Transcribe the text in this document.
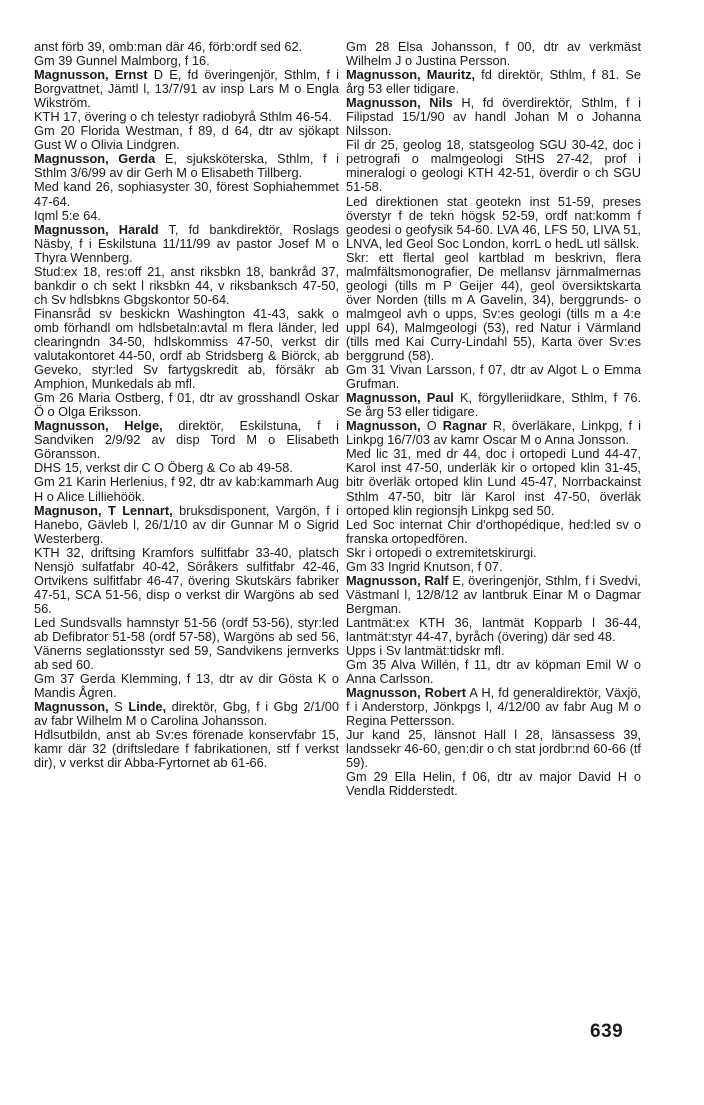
anst förb 39, omb:man där 46, förb:ordf sed 62.

Gm 39 Gunnel Malmborg, f 16.

Magnusson, Ernst D E, fd överingenjör, Sthlm, f i Borgvattnet, Jämtl l, 13/7/91 av insp Lars M o Engla Wikström.

KTH 17, övering o ch telestyr radiobyrå Sthlm 46-54.

Gm 20 Florida Westman, f 89, d 64, dtr av sjökapt Gust W o Olivia Lindgren.

Magnusson, Gerda E, sjuksköterska, Sthlm, f i Sthlm 3/6/99 av dir Gerh M o Elisabeth Tillberg.

Med kand 26, sophiasyster 30, förest Sophiahemmet 47-64.

Iqml 5:e 64.

Magnusson, Harald T, fd bankdirektör, Roslags Näsby, f i Eskilstuna 11/11/99 av pastor Josef M o Thyra Wennberg.

Stud:ex 18, res:off 21, anst riksbkn 18, bankråd 37, bankdir o ch sekt l riksbkn 44, v riksbanksch 47-50, ch Sv hdlsbkns Gbgskontor 50-64.

Finansråd sv beskickn Washington 41-43, sakk o omb förhandl om hdlsbetaln:avtal m flera länder, led clearingndn 34-50, hdlskommiss 47-50, verkst dir valutakontoret 44-50, ordf ab Stridsberg & Biörck, ab Geveko, styr:led Sv fartygskredit ab, försäkr ab Amphion, Munkedals ab mfl.

Gm 26 Maria Ostberg, f 01, dtr av grosshandl Oskar Ö o Olga Eriksson.

Magnusson, Helge, direktör, Eskilstuna, f i Sandviken 2/9/92 av disp Tord M o Elisabeth Göransson.

DHS 15, verkst dir C O Öberg & Co ab 49-58.

Gm 21 Karin Herlenius, f 92, dtr av kab:kammarh Aug H o Alice Lilliehöök.

Magnuson, T Lennart, bruksdisponent, Vargön, f i Hanebo, Gävleb l, 26/1/10 av dir Gunnar M o Sigrid Westerberg.

KTH 32, driftsing Kramfors sulfitfabr 33-40, platsch Nensjö sulfatfabr 40-42, Söråkers sulfitfabr 42-46, Ortvikens sulfitfabr 46-47, övering Skutskärs fabriker 47-51, SCA 51-56, disp o verkst dir Wargöns ab sed 56.

Led Sundsvalls hamnstyr 51-56 (ordf 53-56), styr:led ab Defibrator 51-58 (ordf 57-58), Wargöns ab sed 56, Vänerns seglationsstyr sed 59, Sandvikens jernverks ab sed 60.

Gm 37 Gerda Klemming, f 13, dtr av dir Gösta K o Mandis Ågren.

Magnusson, S Linde, direktör, Gbg, f i Gbg 2/1/00 av fabr Wilhelm M o Carolina Johansson.

Hdlsutbildn, anst ab Sv:es förenade konservfabr 15, kamr där 32 (driftsledare f fabrikationen, stf f verkst dir), v verkst dir Abba-Fyrtornet ab 61-66.

Gm 28 Elsa Johansson, f 00, dtr av verkmäst Wilhelm J o Justina Persson.

Magnusson, Mauritz, fd direktör, Sthlm, f 81. Se årg 53 eller tidigare.

Magnusson, Nils H, fd överdirektör, Sthlm, f i Filipstad 15/1/90 av handl Johan M o Johanna Nilsson.

Fil dr 25, geolog 18, statsgeolog SGU 30-42, doc i petrografi o malmgeologi StHS 27-42, prof i mineralogi o geologi KTH 42-51, överdir o ch SGU 51-58.

Led direktionen stat geotekn inst 51-59, preses överstyr f de tekn högsk 52-59, ordf nat:komm f geodesi o geofysik 54-60. LVA 46, LFS 50, LIVA 51, LNVA, led Geol Soc London, korrL o hedL utl sällsk.

Skr: ett flertal geol kartblad m beskrivn, flera malmfältsmonografier, De mellansv järnmalmernas geologi (tills m P Geijer 44), geol översiktskarta över Norden (tills m A Gavelin, 34), berggrunds- o malmgeol avh o upps, Sv:es geologi (tills m a 4:e uppl 64), Malmgeologi (53), red Natur i Värmland (tills med Kai Curry-Lindahl 55), Karta över Sv:es berggrund (58).

Gm 31 Vivan Larsson, f 07, dtr av Algot L o Emma Grufman.

Magnusson, Paul K, förgylleriidkare, Sthlm, f 76. Se årg 53 eller tidigare.

Magnusson, O Ragnar R, överläkare, Linkpg, f i Linkpg 16/7/03 av kamr Oscar M o Anna Jonsson.

Med lic 31, med dr 44, doc i ortopedi Lund 44-47, Karol inst 47-50, underläk kir o ortoped klin 31-45, bitr överläk ortoped klin Lund 45-47, Norrbackainst Sthlm 47-50, bitr lär Karol inst 47-50, överläk ortoped klin regionsjh Linkpg sed 50.

Led Soc internat Chir d'orthopédique, hed:led sv o franska ortopedfören.

Skr i ortopedi o extremitetskirurgi.

Gm 33 Ingrid Knutson, f 07.

Magnusson, Ralf E, överingenjör, Sthlm, f i Svedvi, Västmanl l, 12/8/12 av lantbruk Einar M o Dagmar Bergman.

Lantmät:ex KTH 36, lantmät Kopparb l 36-44, lantmät:styr 44-47, byråch (övering) där sed 48.

Upps i Sv lantmät:tidskr mfl.

Gm 35 Alva Willén, f 11, dtr av köpman Emil W o Anna Carlsson.

Magnusson, Robert A H, fd generaldirektör, Växjö, f i Anderstorp, Jönkpgs l, 4/12/00 av fabr Aug M o Regina Pettersson.

Jur kand 25, länsnot Hall l 28, länsassess 39, landssekr 46-60, gen:dir o ch stat jordbr:nd 60-66 (tf 59).

Gm 29 Ella Helin, f 06, dtr av major David H o Vendla Ridderstedt.

639
